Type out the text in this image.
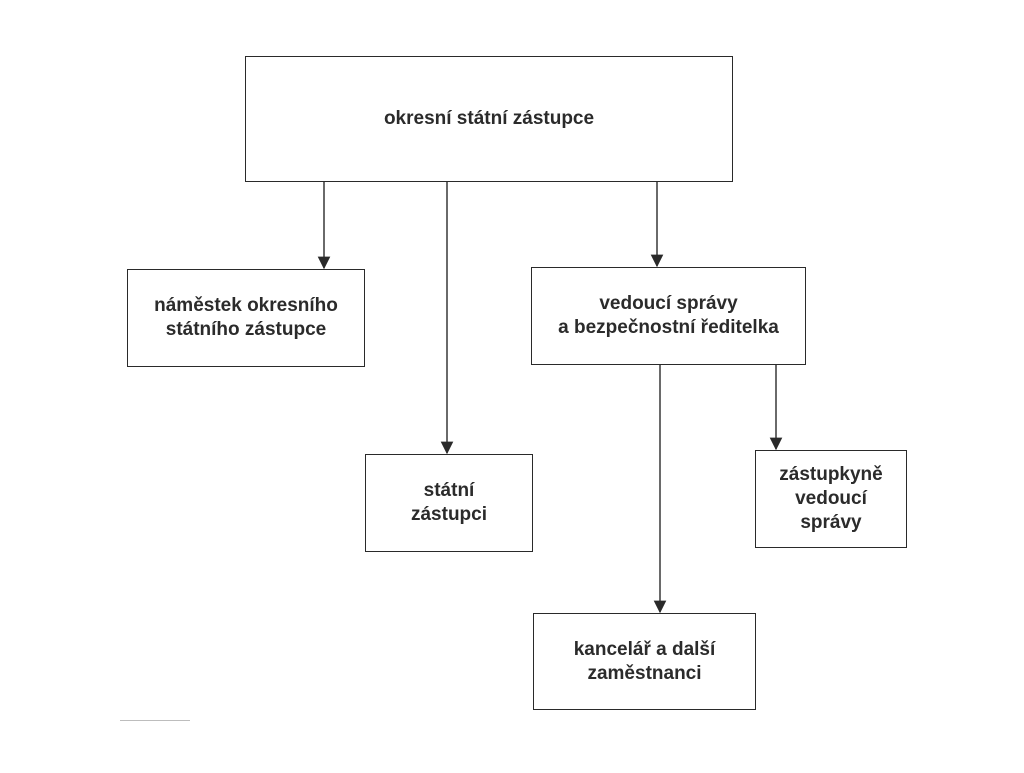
okresní státní zástupce
náměstek okresního
státního zástupce
vedoucí správy
a bezpečnostní ředitelka
státní
zástupci
zástupkyně
vedoucí
správy
kancelář a další
zaměstnanci
